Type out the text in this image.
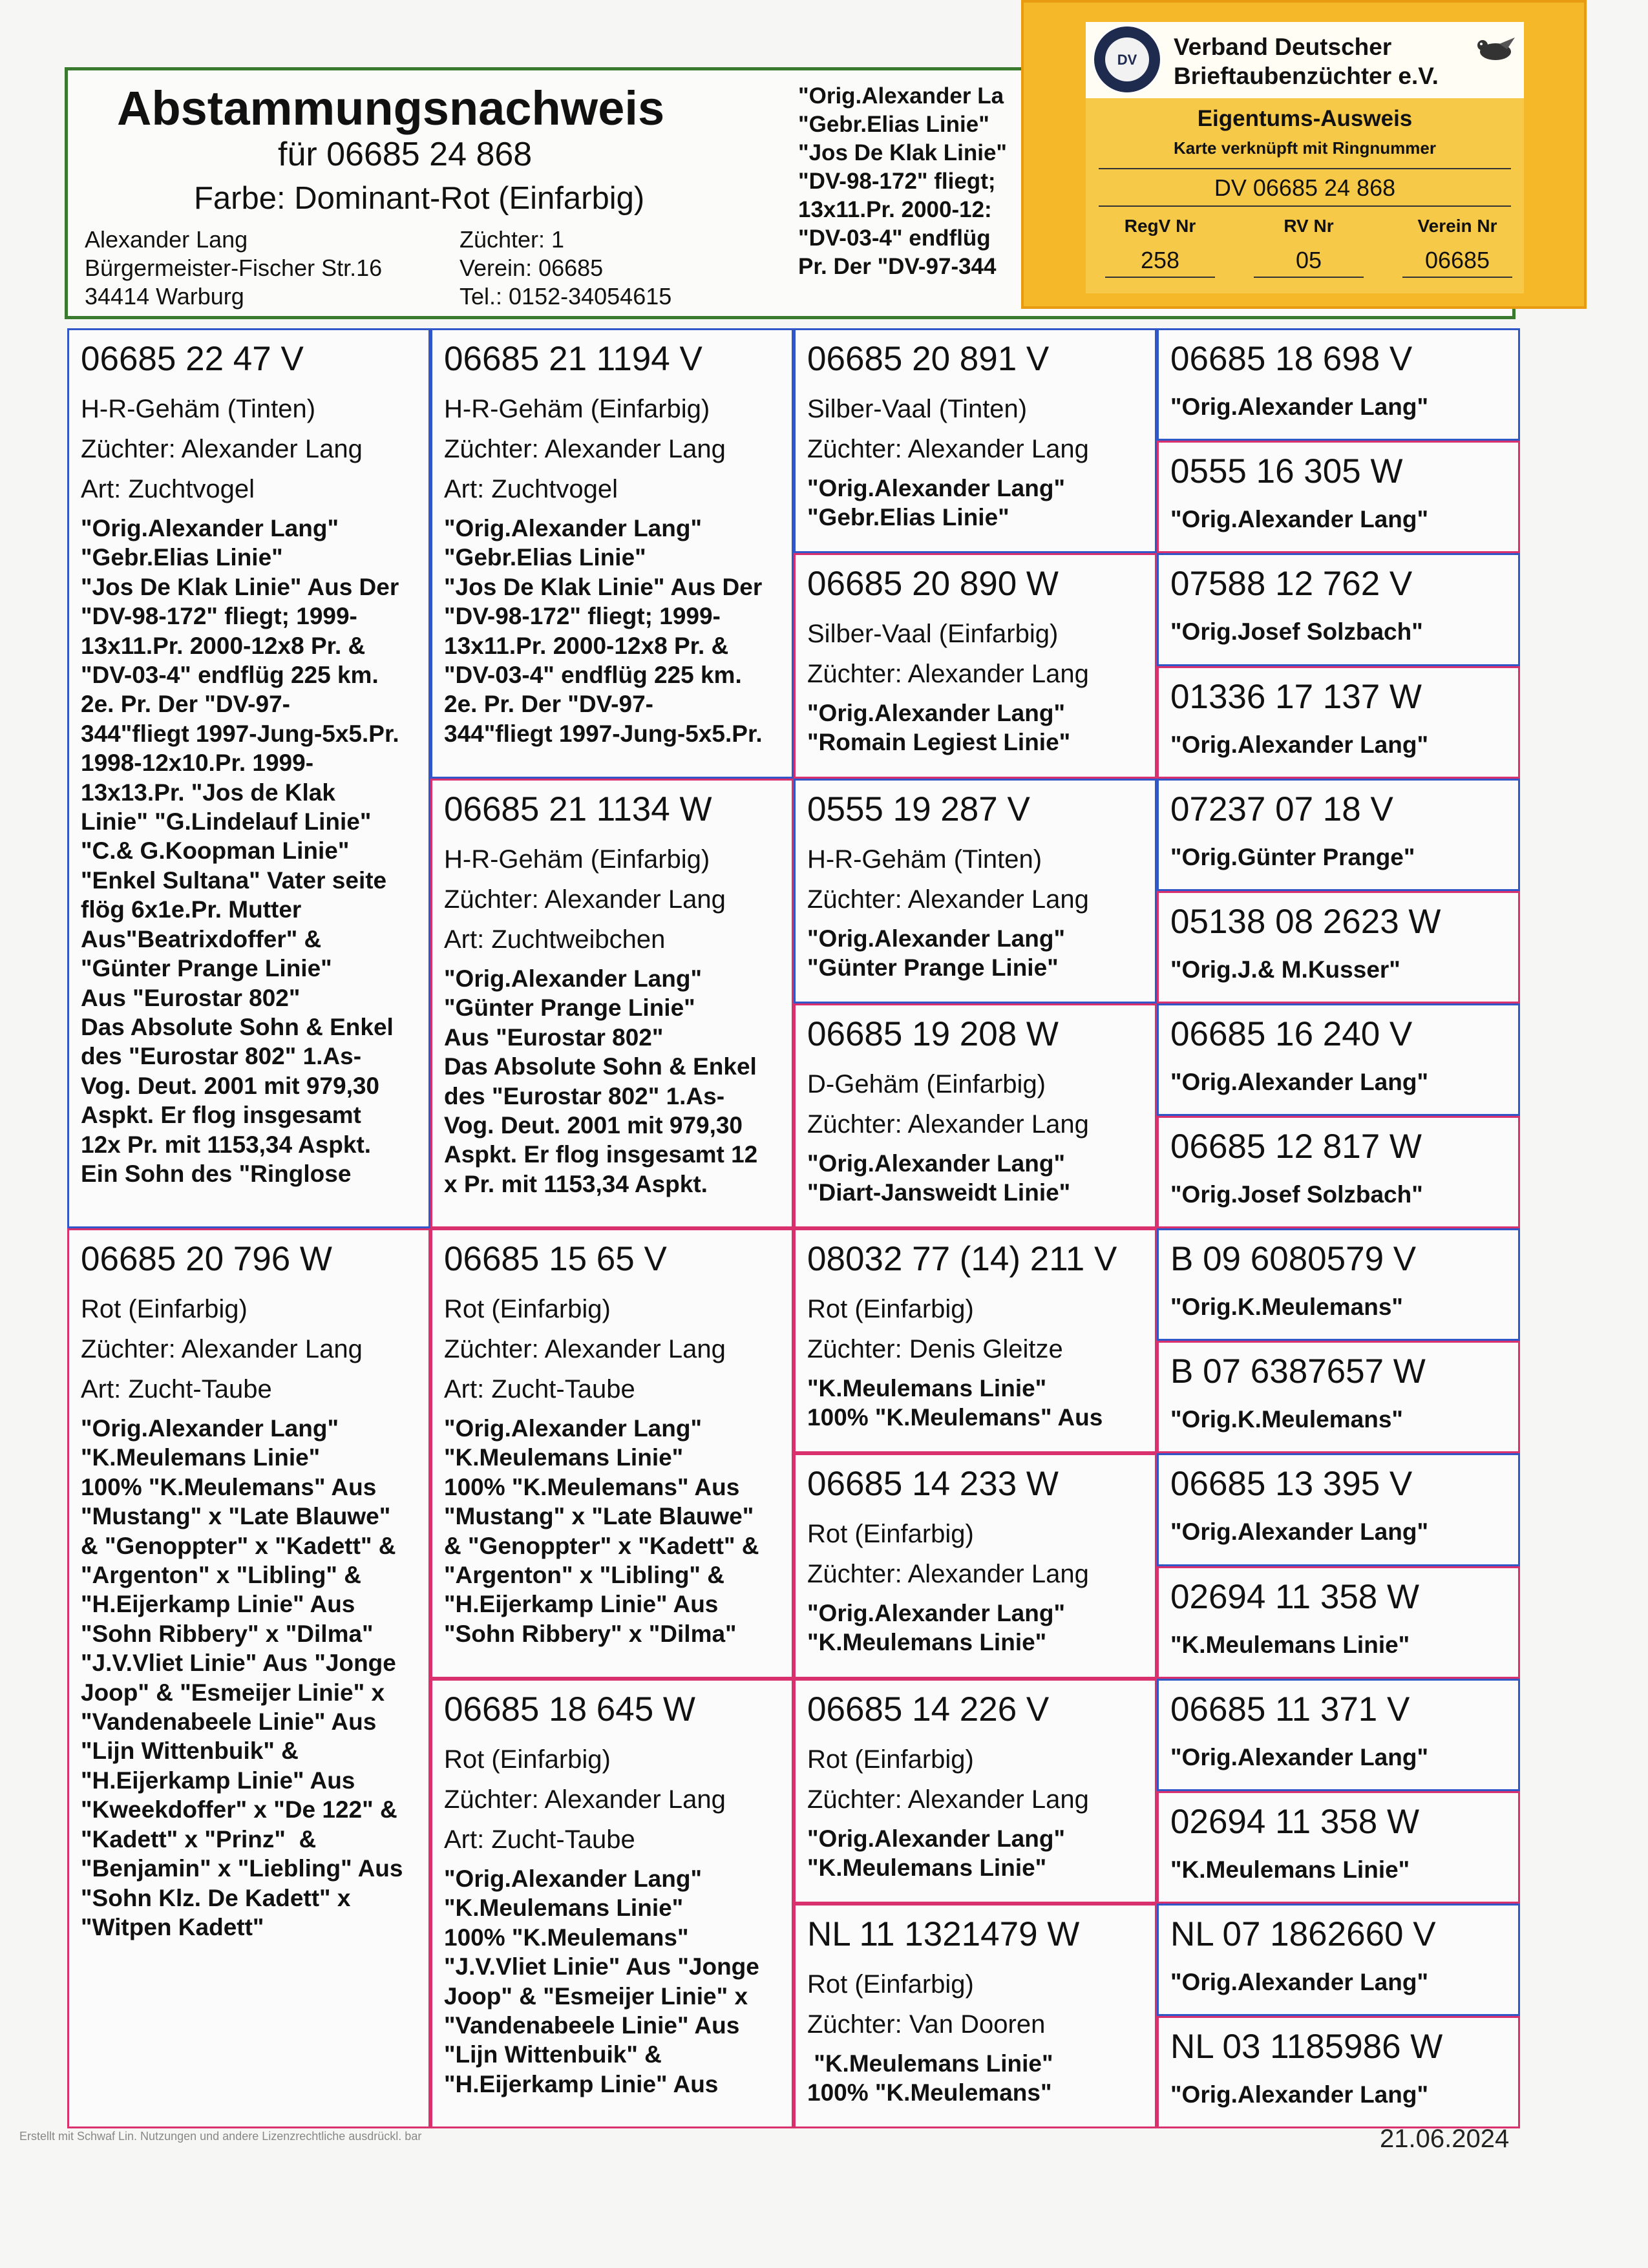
Abstammungsnachweis
für 06685 24 868
Farbe: Dominant-Rot (Einfarbig)
Alexander Lang
Bürgermeister-Fischer Str.16
34414 Warburg
Züchter: 1
Verein: 06685
Tel.: 0152-34054615
"Orig.Alexander La
"Gebr.Elias Linie"
"Jos De Klak Linie"
"DV-98-172" fliegt;
13x11.Pr. 2000-12:
"DV-03-4" endflüg
Pr. Der "DV-97-344
DV	Verband Deutscher
Brieftaubenzüchter e.V.
Eigentums-Ausweis
Karte verknüpft mit Ringnummer
DV 06685 24 868
RegV Nr	RV Nr	Verein Nr
258	05	06685
06685 22 47 V
H-R-Gehäm (Tinten)
Züchter: Alexander Lang
Art: Zuchtvogel
"Orig.Alexander Lang"
"Gebr.Elias Linie"
"Jos De Klak Linie" Aus Der
"DV-98-172" fliegt; 1999-
13x11.Pr. 2000-12x8 Pr. &
"DV-03-4" endflüg 225 km.
2e. Pr. Der "DV-97-
344"fliegt 1997-Jung-5x5.Pr.
1998-12x10.Pr. 1999-
13x13.Pr. "Jos de Klak
Linie" "G.Lindelauf Linie"
"C.& G.Koopman Linie"
"Enkel Sultana" Vater seite
flög 6x1e.Pr. Mutter
Aus"Beatrixdoffer" &
"Günter Prange Linie"
Aus "Eurostar 802"
Das Absolute Sohn & Enkel
des "Eurostar 802" 1.As-
Vog. Deut. 2001 mit 979,30
Aspkt. Er flog insgesamt
12x Pr. mit 1153,34 Aspkt.
Ein Sohn des "Ringlose
06685 20 796 W
Rot (Einfarbig)
Züchter: Alexander Lang
Art: Zucht-Taube
"Orig.Alexander Lang"
"K.Meulemans Linie"
100% "K.Meulemans" Aus
"Mustang" x "Late Blauwe"
& "Genoppter" x "Kadett" &
"Argenton" x "Libling" &
"H.Eijerkamp Linie" Aus
"Sohn Ribbery" x "Dilma"
"J.V.Vliet Linie" Aus "Jonge
Joop" & "Esmeijer Linie" x
"Vandenabeele Linie" Aus
"Lijn Wittenbuik" &
"H.Eijerkamp Linie" Aus
"Kweekdoffer" x "De 122" &
"Kadett" x "Prinz"  &
"Benjamin" x "Liebling" Aus
"Sohn Klz. De Kadett" x
"Witpen Kadett"
06685 21 1194 V
H-R-Gehäm (Einfarbig)
Züchter: Alexander Lang
Art: Zuchtvogel
"Orig.Alexander Lang"
"Gebr.Elias Linie"
"Jos De Klak Linie" Aus Der
"DV-98-172" fliegt; 1999-
13x11.Pr. 2000-12x8 Pr. &
"DV-03-4" endflüg 225 km.
2e. Pr. Der "DV-97-
344"fliegt 1997-Jung-5x5.Pr.
06685 21 1134 W
H-R-Gehäm (Einfarbig)
Züchter: Alexander Lang
Art: Zuchtweibchen
"Orig.Alexander Lang"
"Günter Prange Linie"
Aus "Eurostar 802"
Das Absolute Sohn & Enkel
des "Eurostar 802" 1.As-
Vog. Deut. 2001 mit 979,30
Aspkt. Er flog insgesamt 12
x Pr. mit 1153,34 Aspkt.
06685 15 65 V
Rot (Einfarbig)
Züchter: Alexander Lang
Art: Zucht-Taube
"Orig.Alexander Lang"
"K.Meulemans Linie"
100% "K.Meulemans" Aus
"Mustang" x "Late Blauwe"
& "Genoppter" x "Kadett" &
"Argenton" x "Libling" &
"H.Eijerkamp Linie" Aus
"Sohn Ribbery" x "Dilma"
06685 18 645 W
Rot (Einfarbig)
Züchter: Alexander Lang
Art: Zucht-Taube
"Orig.Alexander Lang"
"K.Meulemans Linie"
100% "K.Meulemans"
"J.V.Vliet Linie" Aus "Jonge
Joop" & "Esmeijer Linie" x
"Vandenabeele Linie" Aus
"Lijn Wittenbuik" &
"H.Eijerkamp Linie" Aus
06685 20 891 V
Silber-Vaal (Tinten)
Züchter: Alexander Lang
"Orig.Alexander Lang"
"Gebr.Elias Linie"
06685 20 890 W
Silber-Vaal (Einfarbig)
Züchter: Alexander Lang
"Orig.Alexander Lang"
"Romain Legiest Linie"
0555 19 287 V
H-R-Gehäm (Tinten)
Züchter: Alexander Lang
"Orig.Alexander Lang"
"Günter Prange Linie"
06685 19 208 W
D-Gehäm (Einfarbig)
Züchter: Alexander Lang
"Orig.Alexander Lang"
"Diart-Jansweidt Linie"
08032 77 (14) 211 V
Rot (Einfarbig)
Züchter: Denis Gleitze
"K.Meulemans Linie"
100% "K.Meulemans" Aus
06685 14 233 W
Rot (Einfarbig)
Züchter: Alexander Lang
"Orig.Alexander Lang"
"K.Meulemans Linie"
06685 14 226 V
Rot (Einfarbig)
Züchter: Alexander Lang
"Orig.Alexander Lang"
"K.Meulemans Linie"
NL 11 1321479 W
Rot (Einfarbig)
Züchter: Van Dooren
"K.Meulemans Linie"
100% "K.Meulemans"
06685 18 698 V
"Orig.Alexander Lang"
0555 16 305 W
"Orig.Alexander Lang"
07588 12 762 V
"Orig.Josef Solzbach"
01336 17 137 W
"Orig.Alexander Lang"
07237 07 18 V
"Orig.Günter Prange"
05138 08 2623 W
"Orig.J.& M.Kusser"
06685 16 240 V
"Orig.Alexander Lang"
06685 12 817 W
"Orig.Josef Solzbach"
B 09 6080579 V
"Orig.K.Meulemans"
B 07 6387657 W
"Orig.K.Meulemans"
06685 13 395 V
"Orig.Alexander Lang"
02694 11 358 W
"K.Meulemans Linie"
06685 11 371 V
"Orig.Alexander Lang"
02694 11 358 W
"K.Meulemans Linie"
NL 07 1862660 V
"Orig.Alexander Lang"
NL 03 1185986 W
"Orig.Alexander Lang"
Erstellt mit Schwaf Lin. Nutzungen und andere Lizenzrechtliche ausdrückl. bar	21.06.2024
